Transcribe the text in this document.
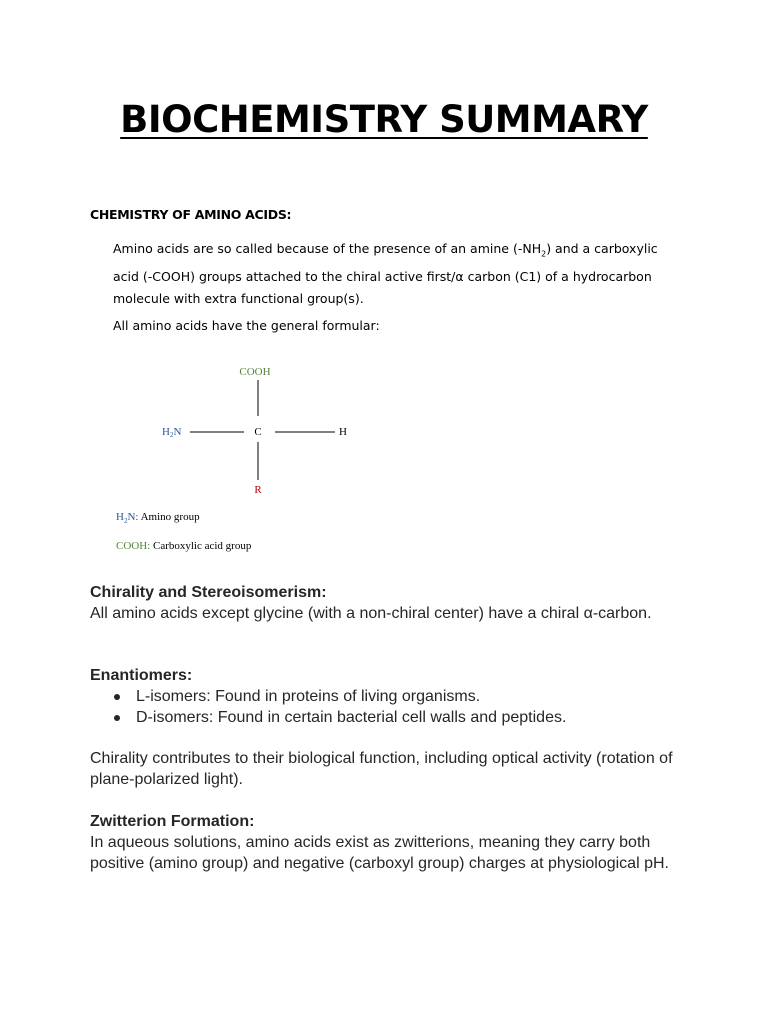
BIOCHEMISTRY SUMMARY
CHEMISTRY OF AMINO ACIDS:

Amino acids are so called because of the presence of an amine $(-NH_2)$ and a carboxylic acid (-COOH) groups attached to the chiral active first/α carbon (C1) of a hydrocarbon molecule with extra functional group(s).

All amino acids have the general formular:

COOH
H2N	C	H
R
$H_2N$: Amino group
COOH: Carboxylic acid group
Chirality and Stereoisomerism:

All amino acids except glycine (with a non-chiral center) have a chiral α-carbon.

Enantiomers:
L-isomers: Found in proteins of living organisms.
D-isomers: Found in certain bacterial cell walls and peptides.

Chirality contributes to their biological function, including optical activity (rotation of plane-polarized light).

Zwitterion Formation:

In aqueous solutions, amino acids exist as zwitterions, meaning they carry both positive (amino group) and negative (carboxyl group) charges at physiological pH.
